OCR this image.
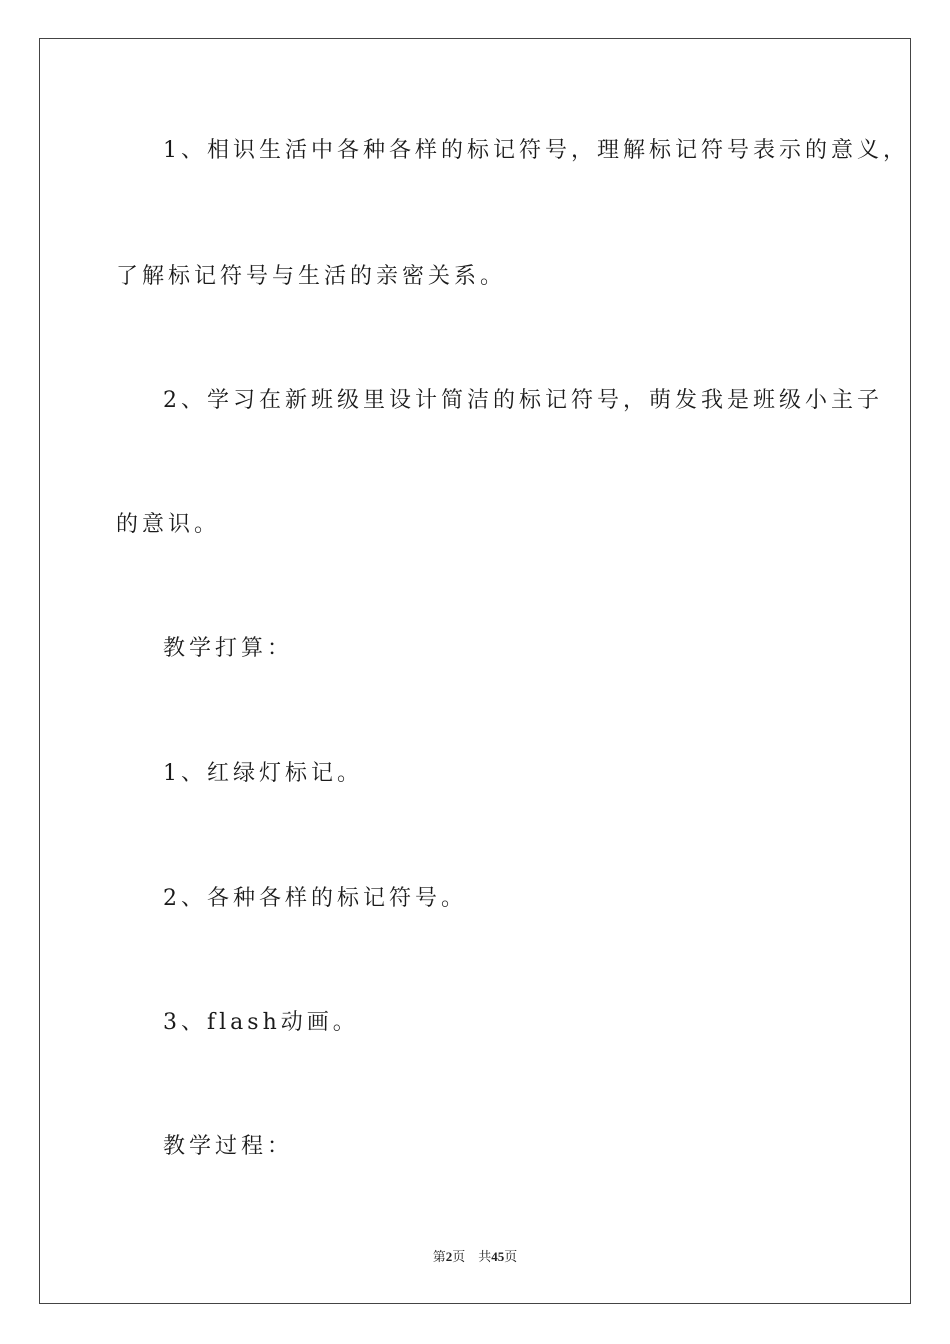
1、相识生活中各种各样的标记符号，理解标记符号表示的意义，
了解标记符号与生活的亲密关系。
2、学习在新班级里设计简洁的标记符号，萌发我是班级小主子
的意识。
教学打算：
1、红绿灯标记。
2、各种各样的标记符号。
3、flash动画。
教学过程：
第2页 共45页
